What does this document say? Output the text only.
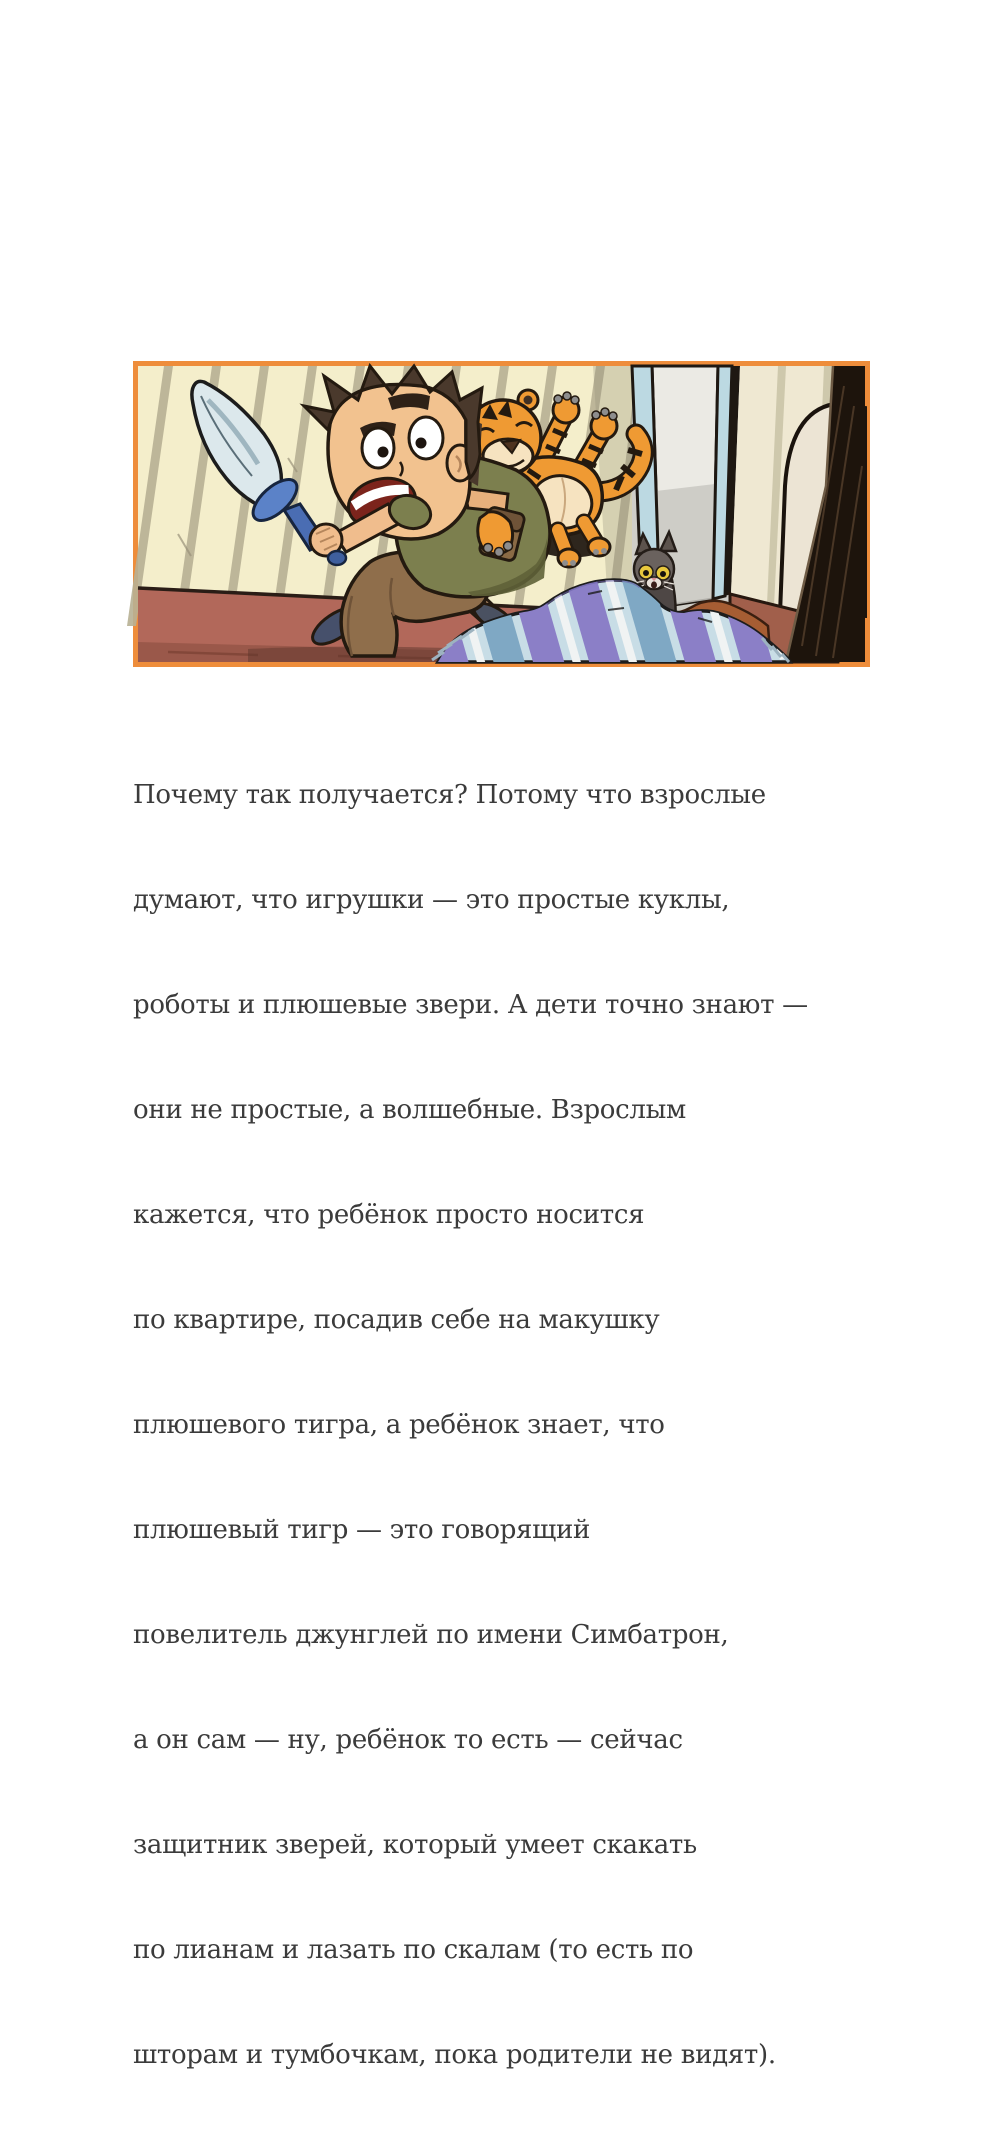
Почему так получается? Потому что взрослые

думают, что игрушки — это простые куклы,

роботы и плюшевые звери. А дети точно знают —

они не простые, а волшебные. Взрослым

кажется, что ребёнок просто носится

по квартире, посадив себе на макушку

плюшевого тигра, а ребёнок знает, что

плюшевый тигр — это говорящий

повелитель джунглей по имени Симбатрон,

а он сам — ну, ребёнок то есть — сейчас

защитник зверей, который умеет скакать

по лианам и лазать по скалам (то есть по

шторам и тумбочкам, пока родители не видят).
